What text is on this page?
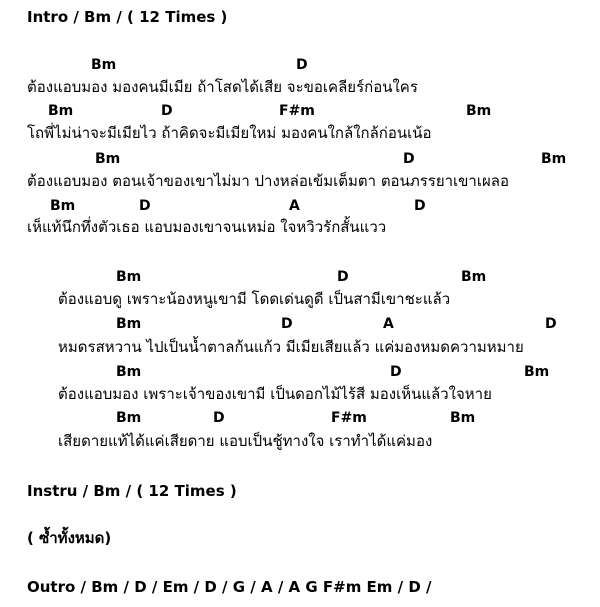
Intro / Bm / ( 12 Times )
Bm	D
ต้องแอบมอง มองคนมีเมีย ถ้าโสดได้เสีย จะขอเคลียร์ก่อนใคร
Bm	D	F#m	Bm
โถพี่ไม่น่าจะมีเมียไว ถ้าคิดจะมีเมียใหม่ มองคนใกล้ใกล้ก่อนเน้อ
Bm	D	Bm
ต้องแอบมอง ตอนเจ้าของเขาไม่มา ปางหล่อเข้มเต็มตา ตอนภรรยาเขาเผลอ
Bm	D	A	D
เห็แท้นึกทึ่งตัวเธอ แอบมองเขาจนเหม่อ ใจหวิวรักสั้นแวว
Bm	D	Bm
ต้องแอบดู เพราะน้องหนูเขามี โดดเด่นดูดี เป็นสามีเขาชะแล้ว
Bm	D	A	D
หมดรสหวาน ไปเป็นน้ำตาลก้นแก้ว มีเมียเสียแล้ว แค่มองหมดความหมาย
Bm	D	Bm
ต้องแอบมอง เพราะเจ้าของเขามี เป็นดอกไม้ไร้สี มองเห็นแล้วใจหาย
Bm	D	F#m	Bm
เสียดายแท้ได้แค่เสียดาย แอบเป็นชู้ทางใจ เราทำได้แค่มอง
Instru / Bm / ( 12 Times )
( ซ้ำทั้งหมด)
Outro / Bm / D / Em / D / G / A / A G F#m Em / D /
